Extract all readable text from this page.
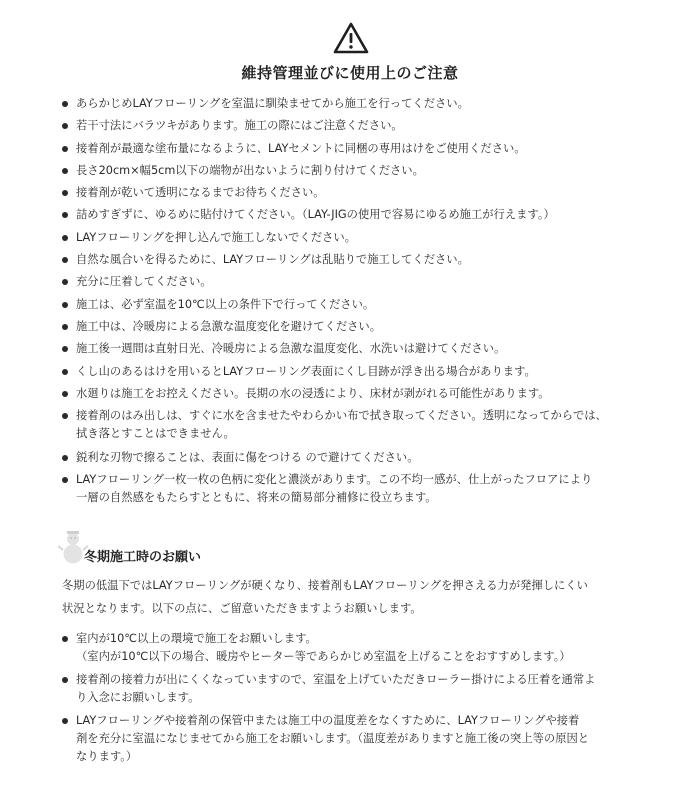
維持管理並びに使用上のご注意
あらかじめLAYフローリングを室温に馴染ませてから施工を行ってください。
若干寸法にバラツキがあります。施工の際にはご注意ください。
接着剤が最適な塗布量になるように、LAYセメントに同梱の専用はけをご使用ください。
長さ20cm×幅5cm以下の端物が出ないように割り付けてください。
接着剤が乾いて透明になるまでお待ちください。
詰めすぎずに、ゆるめに貼付けてください。（LAY-JIGの使用で容易にゆるめ施工が行えます。）
LAYフローリングを押し込んで施工しないでください。
自然な風合いを得るために、LAYフローリングは乱貼りで施工してください。
充分に圧着してください。
施工は、必ず室温を10℃以上の条件下で行ってください。
施工中は、冷暖房による急激な温度変化を避けてください。
施工後一週間は直射日光、冷暖房による急激な温度変化、水洗いは避けてください。
くし山のあるはけを用いるとLAYフローリング表面にくし目跡が浮き出る場合があります。
水廻りは施工をお控えください。長期の水の浸透により、床材が剥がれる可能性があります。
接着剤のはみ出しは、すぐに水を含ませたやわらかい布で拭き取ってください。透明になってからでは、
拭き落とすことはできません。
鋭利な刃物で擦ることは、表面に傷をつける ので避けてください。
LAYフローリング一枚一枚の色柄に変化と濃淡があります。この不均一感が、仕上がったフロアにより
一層の自然感をもたらすとともに、将来の簡易部分補修に役立ちます。
冬期施工時のお願い
冬期の低温下ではLAYフローリングが硬くなり、接着剤もLAYフローリングを押さえる力が発揮しにくい
状況となります。以下の点に、ご留意いただきますようお願いします。
室内が10℃以上の環境で施工をお願いします。
（室内が10℃以下の場合、暖房やヒーター等であらかじめ室温を上げることをおすすめします。）
接着剤の接着力が出にくくなっていますので、室温を上げていただきローラー掛けによる圧着を通常よ
り入念にお願いします。
LAYフローリングや接着剤の保管中または施工中の温度差をなくすために、LAYフローリングや接着
剤を充分に室温になじませてから施工をお願いします。（温度差がありますと施工後の突上等の原因と
なります。）
